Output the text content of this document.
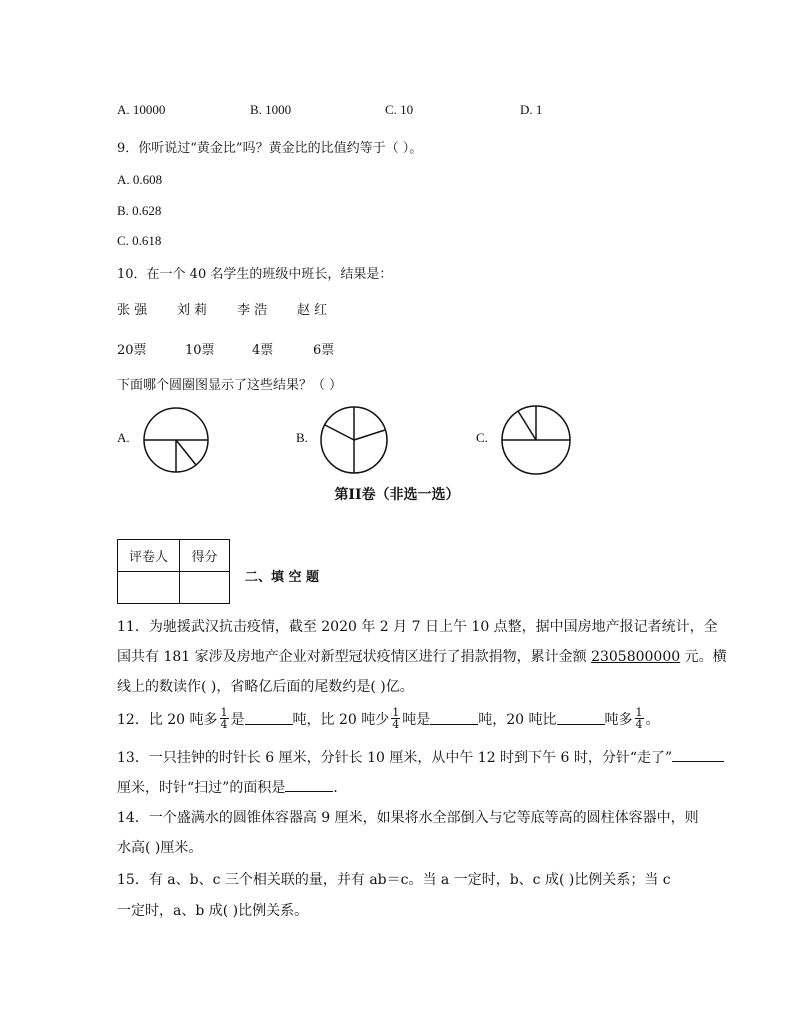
A. 10000	B. 1000	C. 10	D. 1
9．你听说过“黄金比”吗？黄金比的比值约等于（ ）。
A. 0.608
B. 0.628
C. 0.618
10．在一个 40 名学生的班级中班长，结果是：
张 强 刘 莉 李 浩 赵 红
20票	10票	4票	6票
下面哪个圆圈图显示了这些结果？（ ）
A.	B.	C.
第II卷（非选一选）
评卷人	得分

二、填 空 题
11．为驰援武汉抗击疫情，截至 2020 年 2 月 7 日上午 10 点整，据中国房地产报记者统计，全
国共有 181 家涉及房地产企业对新型冠状疫情区进行了捐款捐物，累计金额 2305800000 元。横
线上的数读作( )，省略亿后面的尾数约是( )亿。
12．比 20 吨多 $\frac{1}{4}$ 是	吨，比 20 吨少 $\frac{1}{4}$ 吨是	吨，20 吨比	吨多 $\frac{1}{4}$ 。
13．一只挂钟的时针长 6 厘米，分针长 10 厘米，从中午 12 时到下午 6 时，分针“走了”
厘米，时针“扫过”的面积是	．
14．一个盛满水的圆锥体容器高 9 厘米，如果将水全部倒入与它等底等高的圆柱体容器中，则
水高( )厘米。
15．有 a、b、c 三个相关联的量，并有 ab＝c。当 a 一定时，b、c 成( )比例关系；当 c
一定时，a、b 成( )比例关系。
